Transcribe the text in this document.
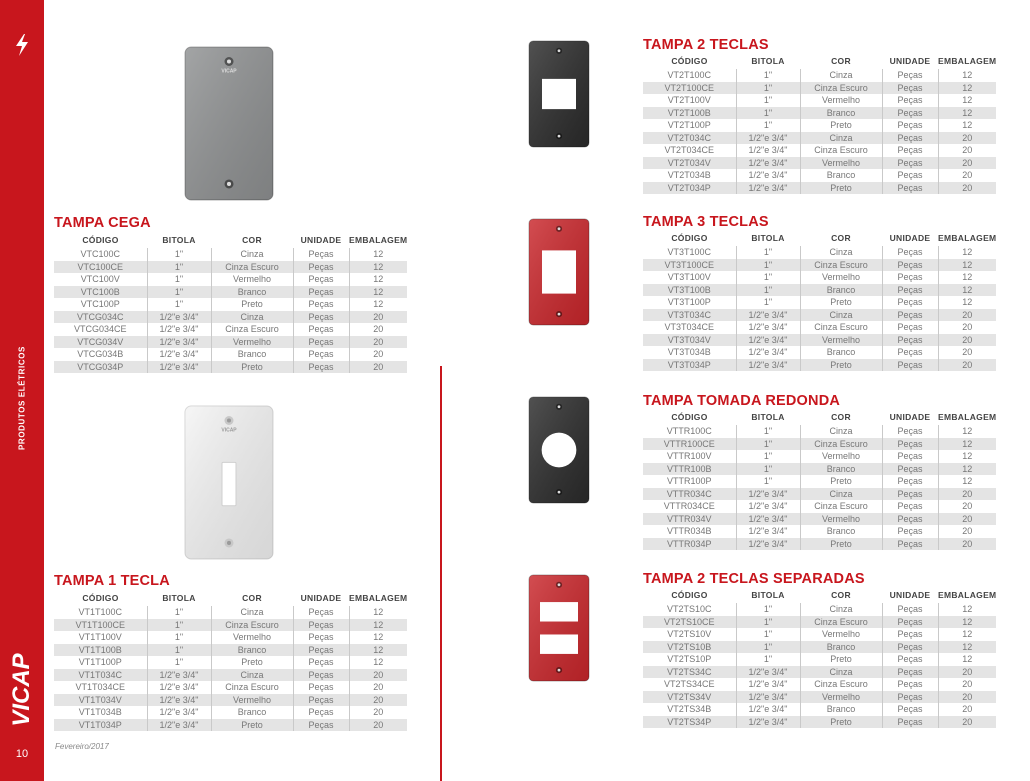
PRODUTOS ELÉTRICOS
VICAP
10
Fevereiro/2017
VICAP
TAMPA CEGA
CÓDIGO	BITOLA	COR	UNIDADE	EMBALAGEM
VTC100C	1"	Cinza	Peças	12
VTC100CE	1"	Cinza Escuro	Peças	12
VTC100V	1"	Vermelho	Peças	12
VTC100B	1"	Branco	Peças	12
VTC100P	1"	Preto	Peças	12
VTCG034C	1/2"e 3/4"	Cinza	Peças	20
VTCG034CE	1/2"e 3/4"	Cinza Escuro	Peças	20
VTCG034V	1/2"e 3/4"	Vermelho	Peças	20
VTCG034B	1/2"e 3/4"	Branco	Peças	20
VTCG034P	1/2"e 3/4"	Preto	Peças	20
VICAP
TAMPA 1 TECLA
CÓDIGO	BITOLA	COR	UNIDADE	EMBALAGEM
VT1T100C	1"	Cinza	Peças	12
VT1T100CE	1"	Cinza Escuro	Peças	12
VT1T100V	1"	Vermelho	Peças	12
VT1T100B	1"	Branco	Peças	12
VT1T100P	1"	Preto	Peças	12
VT1T034C	1/2"e 3/4"	Cinza	Peças	20
VT1T034CE	1/2"e 3/4"	Cinza Escuro	Peças	20
VT1T034V	1/2"e 3/4"	Vermelho	Peças	20
VT1T034B	1/2"e 3/4"	Branco	Peças	20
VT1T034P	1/2"e 3/4"	Preto	Peças	20
TAMPA 2 TECLAS
CÓDIGO	BITOLA	COR	UNIDADE	EMBALAGEM
VT2T100C	1"	Cinza	Peças	12
VT2T100CE	1"	Cinza Escuro	Peças	12
VT2T100V	1"	Vermelho	Peças	12
VT2T100B	1"	Branco	Peças	12
VT2T100P	1"	Preto	Peças	12
VT2T034C	1/2"e 3/4"	Cinza	Peças	20
VT2T034CE	1/2"e 3/4"	Cinza Escuro	Peças	20
VT2T034V	1/2"e 3/4"	Vermelho	Peças	20
VT2T034B	1/2"e 3/4"	Branco	Peças	20
VT2T034P	1/2"e 3/4"	Preto	Peças	20
TAMPA 3 TECLAS
CÓDIGO	BITOLA	COR	UNIDADE	EMBALAGEM
VT3T100C	1"	Cinza	Peças	12
VT3T100CE	1"	Cinza Escuro	Peças	12
VT3T100V	1"	Vermelho	Peças	12
VT3T100B	1"	Branco	Peças	12
VT3T100P	1"	Preto	Peças	12
VT3T034C	1/2"e 3/4"	Cinza	Peças	20
VT3T034CE	1/2"e 3/4"	Cinza Escuro	Peças	20
VT3T034V	1/2"e 3/4"	Vermelho	Peças	20
VT3T034B	1/2"e 3/4"	Branco	Peças	20
VT3T034P	1/2"e 3/4"	Preto	Peças	20
TAMPA TOMADA REDONDA
CÓDIGO	BITOLA	COR	UNIDADE	EMBALAGEM
VTTR100C	1"	Cinza	Peças	12
VTTR100CE	1"	Cinza Escuro	Peças	12
VTTR100V	1"	Vermelho	Peças	12
VTTR100B	1"	Branco	Peças	12
VTTR100P	1"	Preto	Peças	12
VTTR034C	1/2"e 3/4"	Cinza	Peças	20
VTTR034CE	1/2"e 3/4"	Cinza Escuro	Peças	20
VTTR034V	1/2"e 3/4"	Vermelho	Peças	20
VTTR034B	1/2"e 3/4"	Branco	Peças	20
VTTR034P	1/2"e 3/4"	Preto	Peças	20
TAMPA 2 TECLAS SEPARADAS
CÓDIGO	BITOLA	COR	UNIDADE	EMBALAGEM
VT2TS10C	1"	Cinza	Peças	12
VT2TS10CE	1"	Cinza Escuro	Peças	12
VT2TS10V	1"	Vermelho	Peças	12
VT2TS10B	1"	Branco	Peças	12
VT2TS10P	1"	Preto	Peças	12
VT2TS34C	1/2"e 3/4"	Cinza	Peças	20
VT2TS34CE	1/2"e 3/4"	Cinza Escuro	Peças	20
VT2TS34V	1/2"e 3/4"	Vermelho	Peças	20
VT2TS34B	1/2"e 3/4"	Branco	Peças	20
VT2TS34P	1/2"e 3/4"	Preto	Peças	20
